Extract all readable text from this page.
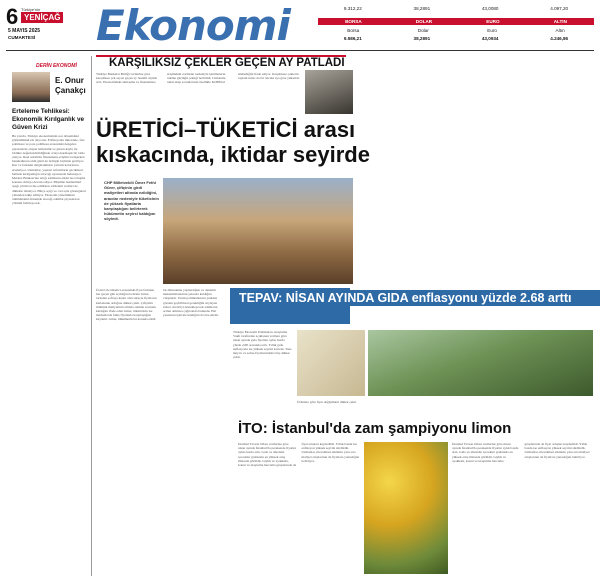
6 Türkiye'nin
YENİÇAĞ
5 MAYIS 2025
CUMARTESİ Ekonomi	9.312,22	38,2891	43,0080	4.097,20
BORSA	DOLAR	EURO	ALTIN
Borsa	Dolar	Euro	Altın
9.586,21	38,2891	43,0934	4.246,86
DERİN EKONOMİ
E. Onur
Çanakçı
Erteleme Tehlikesi: Ekonomik Kırılganlık ve Güven Krizi
Bu yazıda, Türkiye ekonomisinin son dönemdeki görünümünü ele alıyoruz. Enflasyonla mücadele, faiz politikası ve para politikası arasındaki dengeler, piyasalarda oluşan belirsizlik ve güven kaybı ile birlikte değerlendirildiğinde ortaya karmaşık bir tablo çıkıyor. Reel sektörün finansmana erişimi zorlaşırken hanehalkının alım gücü de belirgin biçimde geriliyor. Kur ve faizdeki dalgalanmalar yatırım kararlarını erteletiyor. Uzmanlar, yapısal reformların gecikmesi halinde kırılganlığın artacağı uyarısında bulunuyor. Merkez Bankası'nın attığı adımların etkisi ise tartışma konusu olmaya devam ediyor. Büyüme beklentileri aşağı yönlü revize edilirken, istihdam verileri de dikkatle izleniyor. Bütçe açığı ve cari açık göstergeleri yakından takip ediliyor. Ekonomi yönetiminin önümüzdeki dönemde atacağı adımlar piyasaların yönünü belirleyecek.
KARŞILIKSIZ ÇEKLER GEÇEN AY PATLADI
Türkiye Bankalar Birliği verilerine göre karşılıksız çek sayısı geçen ay önemli ölçüde arttı. Ekonomideki sıkılaşma ve finansmana erişimdeki zorluklar nedeniyle işletmelerin ödeme güçlüğü çektiği belirtildi. Uzmanlar, nakit akışı sorunlarının özellikle KOBİ'leri etkilediğini ifade ediyor. Karşılıksız çeklerin toplam tutarı da bir önceki aya göre yükseldi.
ÜRETİCİ–TÜKETİCİ arası
kıskacında, iktidar seyirde
CHP Milletvekili Ömer Fethi Gürer, çiftçinin girdi maliyetleri altında ezildiğini, aracılar nedeniyle tüketicinin de yüksek fiyatlarla karşılaştığını belirterek hükümetin seyirci kaldığını söyledi.
Üretici ile tüketici arasındaki fiyat farkının her geçen gün açıldığını belirten Gürer, tarladan sofraya kadar olan süreçte fiyatların katlanarak arttığına dikkat çekti. Çiftçinin ürününü maliyetinin altında satmak zorunda kaldığını ifade eden Gürer, tüketicinin ise marketlerde fahiş fiyatlarla karşılaştığını kaydetti. Gürer, hükümetin bu konuda etkili bir düzenleme yapmadığını ve denetim mekanizmalarının yetersiz kaldığını vurguladı. Tarım politikalarının yeniden gözden geçirilmesi gerektiğini söyleyen Gürer, üreticiyi destekleyecek adımların acilen atılması çağrısında bulundu. Hal yasasının işlevsiz kaldığını da öne sürdü.
TEPAV: NİSAN AYINDA GIDA enflasyonu yüzde 2.68 arttı
Türkiye Ekonomi Politikaları Araştırma Vakfı tarafından açıklanan verilere göre nisan ayında gıda fiyatları aylık bazda yüzde 2,68 oranında arttı. Yıllık gıda enflasyonu ise yüksek seyrini korudu. Taze meyve ve sebze fiyatlarındaki artış dikkat çekti.
Ürünlere göre fiyat değişimleri dikkat çekti.
İTO: İstanbul'da zam şampiyonu limon
İstanbul Ticaret Odası verilerine göre nisan ayında İstanbul'da perakende fiyatlar aylık bazda arttı. Gıda ve alkolsüz içecekler grubunda en yüksek artış limonda görüldü. Giyim ve ayakkabı, konut ve ulaştırma harcama gruplarında da fiyat artışları kaydedildi. Yıllık bazda ise enflasyon yüksek seyrini sürdürdü. Uzmanlar, mevsimsel etkilerin yanı sıra maliyet artışlarının da fiyatlara yansıdığını belirtiyor.
İstanbul Ticaret Odası verilerine göre nisan ayında İstanbul'da perakende fiyatlar aylık bazda arttı. Gıda ve alkolsüz içecekler grubunda en yüksek artış limonda görüldü. Giyim ve ayakkabı, konut ve ulaştırma harcama gruplarında da fiyat artışları kaydedildi. Yıllık bazda ise enflasyon yüksek seyrini sürdürdü. Uzmanlar, mevsimsel etkilerin yanı sıra maliyet artışlarının da fiyatlara yansıdığını belirtiyor.
